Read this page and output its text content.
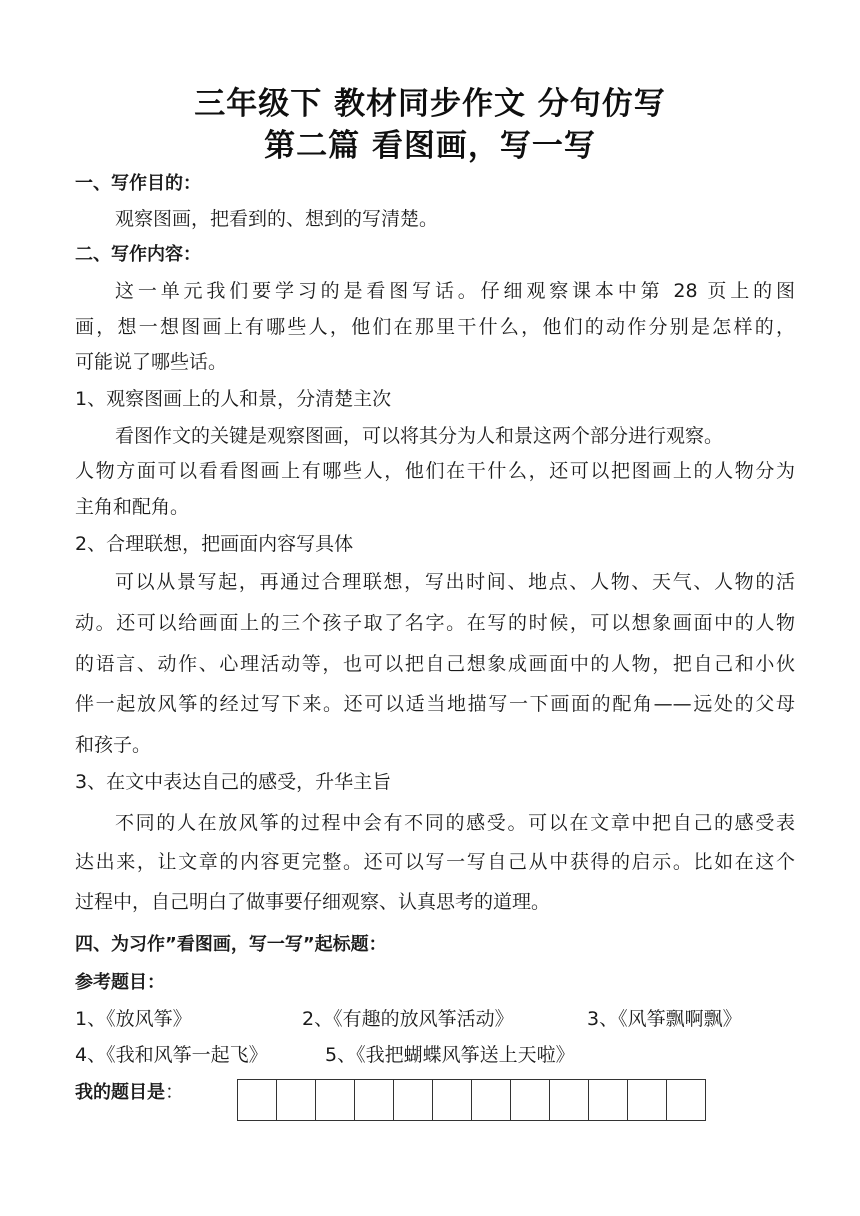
三年级下 教材同步作文 分句仿写
第二篇 看图画，写一写
一、写作目的：
观察图画，把看到的、想到的写清楚。
二、写作内容：
这一单元我们要学习的是看图写话。仔细观察课本中第 28 页上的图
画，想一想图画上有哪些人，他们在那里干什么，他们的动作分别是怎样的，
可能说了哪些话。
1、观察图画上的人和景，分清楚主次
看图作文的关键是观察图画，可以将其分为人和景这两个部分进行观察。
人物方面可以看看图画上有哪些人，他们在干什么，还可以把图画上的人物分为
主角和配角。
2、合理联想，把画面内容写具体
可以从景写起，再通过合理联想，写出时间、地点、人物、天气、人物的活
动。还可以给画面上的三个孩子取了名字。在写的时候，可以想象画面中的人物
的语言、动作、心理活动等，也可以把自己想象成画面中的人物，把自己和小伙
伴一起放风筝的经过写下来。还可以适当地描写一下画面的配角——远处的父母
和孩子。
3、在文中表达自己的感受，升华主旨
不同的人在放风筝的过程中会有不同的感受。可以在文章中把自己的感受表
达出来，让文章的内容更完整。还可以写一写自己从中获得的启示。比如在这个
过程中，自己明白了做事要仔细观察、认真思考的道理。
四、为习作”看图画，写一写”起标题：
参考题目：
1、《放风筝》	2、《有趣的放风筝活动》	3、《风筝飘啊飘》
4、《我和风筝一起飞》	5、《我把蝴蝶风筝送上天啦》
我的题目是：
